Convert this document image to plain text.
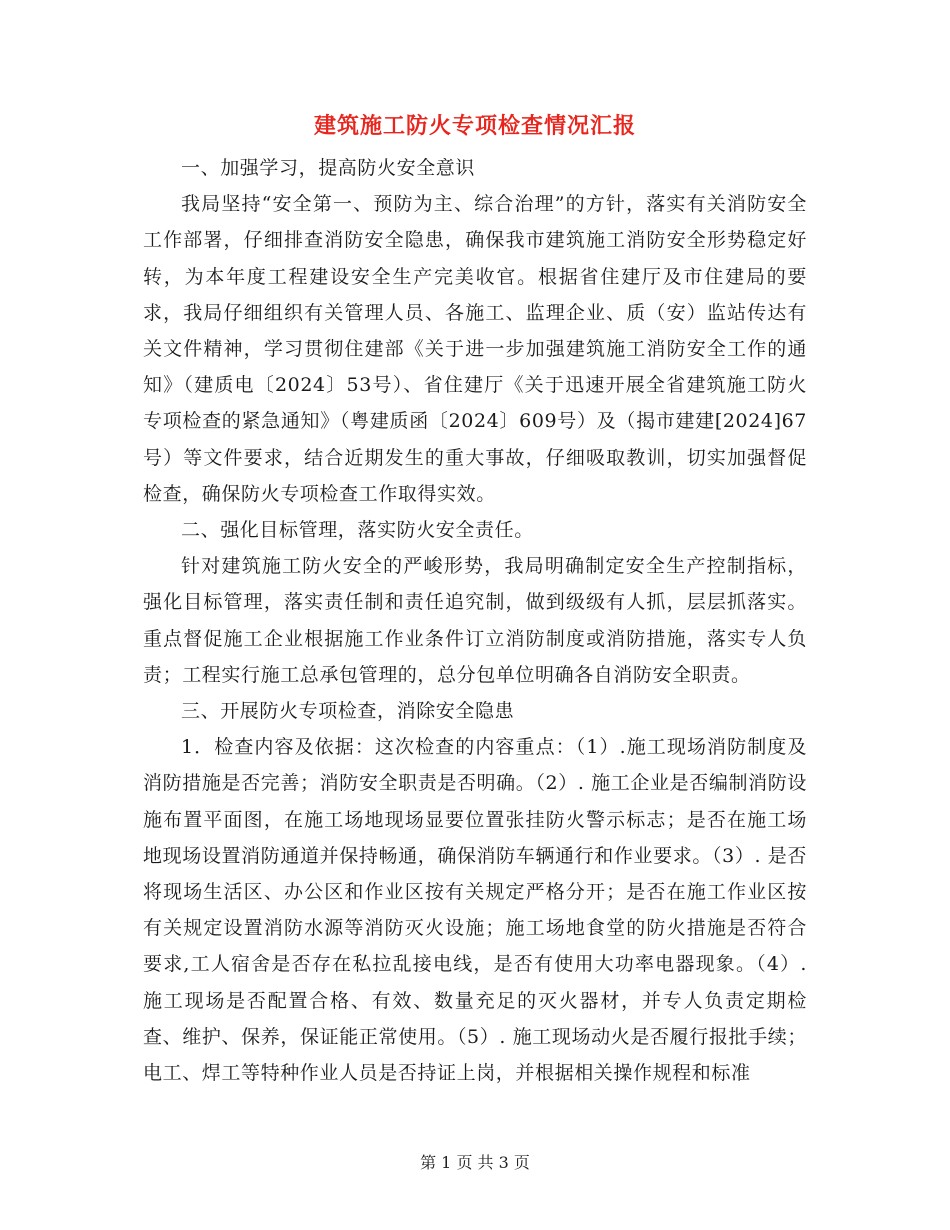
建筑施工防火专项检查情况汇报

一、加强学习，提高防火安全意识

我局坚持“安全第一、预防为主、综合治理”的方针，落实有关消防安全工作部署，仔细排查消防安全隐患，确保我市建筑施工消防安全形势稳定好转，为本年度工程建设安全生产完美收官。根据省住建厅及市住建局的要求，我局仔细组织有关管理人员、各施工、监理企业、质（安）监站传达有关文件精神，学习贯彻住建部《关于进一步加强建筑施工消防安全工作的通知》（建质电〔2024〕53号）、省住建厅《关于迅速开展全省建筑施工防火专项检查的紧急通知》（粤建质函〔2024〕609号）及（揭市建建[2024]67号）等文件要求，结合近期发生的重大事故，仔细吸取教训，切实加强督促检查，确保防火专项检查工作取得实效。

二、强化目标管理，落实防火安全责任。

针对建筑施工防火安全的严峻形势，我局明确制定安全生产控制指标，强化目标管理，落实责任制和责任追究制，做到级级有人抓，层层抓落实。重点督促施工企业根据施工作业条件订立消防制度或消防措施，落实专人负责；工程实行施工总承包管理的，总分包单位明确各自消防安全职责。

三、开展防火专项检查，消除安全隐患

1．检查内容及依据：这次检查的内容重点：（1）.施工现场消防制度及消防措施是否完善；消防安全职责是否明确。（2）. 施工企业是否编制消防设施布置平面图，在施工场地现场显要位置张挂防火警示标志；是否在施工场地现场设置消防通道并保持畅通，确保消防车辆通行和作业要求。（3）. 是否将现场生活区、办公区和作业区按有关规定严格分开；是否在施工作业区按有关规定设置消防水源等消防灭火设施；施工场地食堂的防火措施是否符合要求,工人宿舍是否存在私拉乱接电线，是否有使用大功率电器现象。（4）. 施工现场是否配置合格、有效、数量充足的灭火器材，并专人负责定期检查、维护、保养，保证能正常使用。（5）. 施工现场动火是否履行报批手续；电工、焊工等特种作业人员是否持证上岗，并根据相关操作规程和标准

第 1 页 共 3 页
